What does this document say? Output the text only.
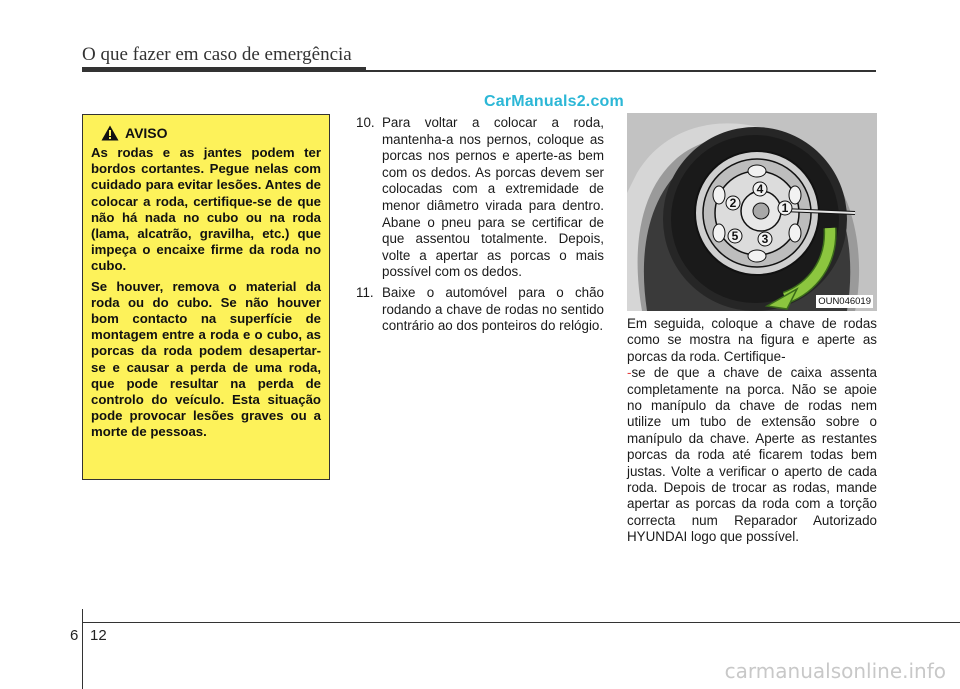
O que fazer em caso de emergência
CarManuals2.com
AVISO

As rodas e as jantes podem ter bordos cortantes. Pegue nelas com cuidado para evitar lesões. Antes de colocar a roda, certifique-se de que não há nada no cubo ou na roda (lama, alcatrão, gravilha, etc.) que impeça o encaixe firme da roda no cubo.

Se houver, remova o material da roda ou do cubo. Se não houver bom contacto na superfície de montagem entre a roda e o cubo, as porcas da roda podem desapertar-se e causar a perda de uma roda, que pode resultar na perda de controlo do veículo. Esta situação pode provocar lesões graves ou a morte de pessoas.

10. Para voltar a colocar a roda, mantenha-a nos pernos, coloque as porcas nos pernos e aperte-as bem com os dedos. As porcas devem ser colocadas com a extremidade de menor diâmetro virada para dentro. Abane o pneu para se certificar de que assentou totalmente. Depois, volte a apertar as porcas o mais possível com os dedos.
11. Baixe o automóvel para o chão rodando a chave de rodas no sentido contrário ao dos ponteiros do relógio.
1
2
3
4
5
OUN046019
Em seguida, coloque a chave de rodas como se mostra na figura e aperte as porcas da roda. Certifique-
-se de que a chave de caixa assenta completamente na porca. Não se apoie no manípulo da chave de rodas nem utilize um tubo de extensão sobre o manípulo da chave. Aperte as restantes porcas da roda até ficarem todas bem justas. Volte a verificar o aperto de cada roda. Depois de trocar as rodas, mande apertar as porcas da roda com a torção correcta num Reparador Autorizado HYUNDAI logo que possível.
6 12
carmanualsonline.info
